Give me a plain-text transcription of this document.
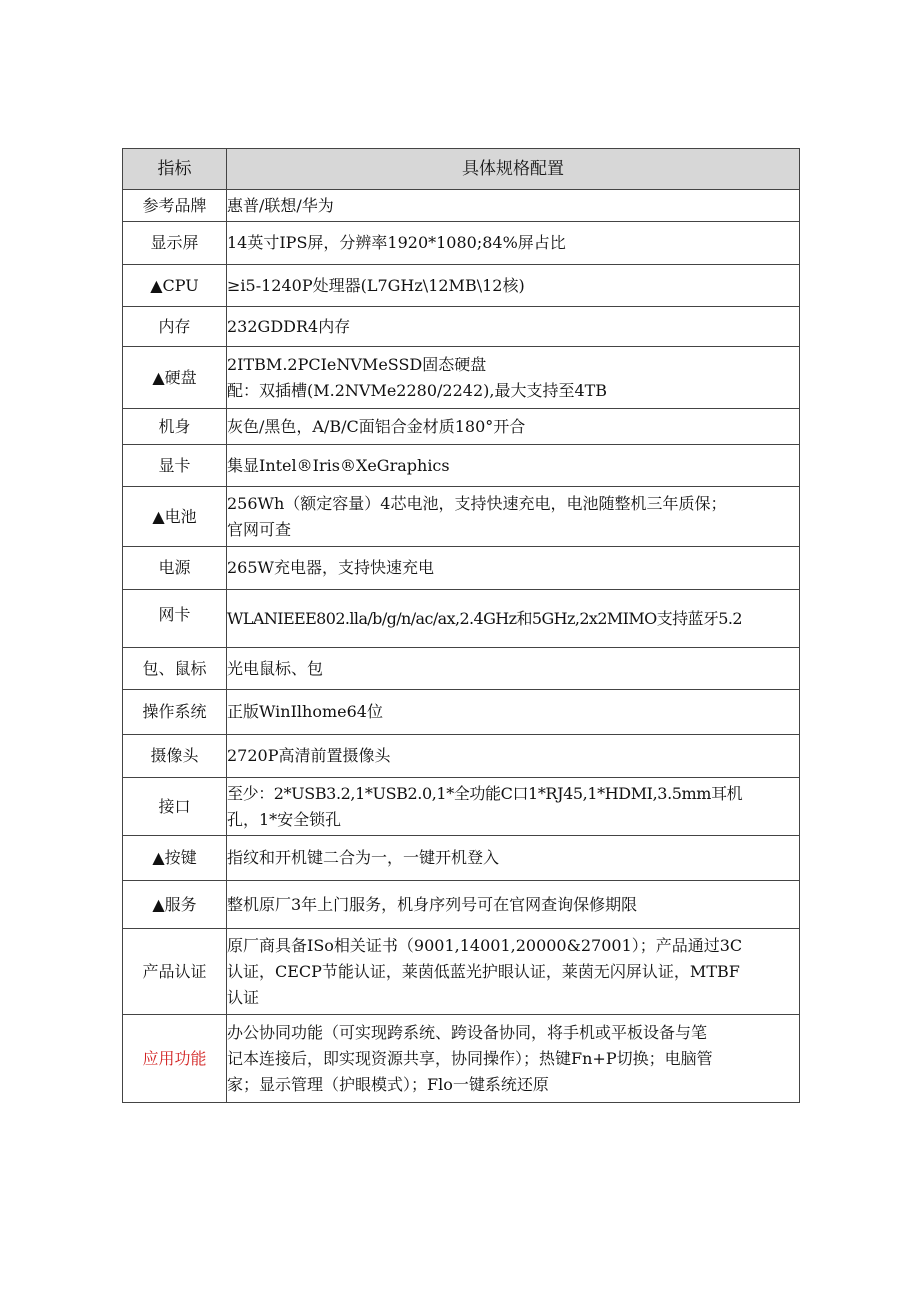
指标	具体规格配置
参考品牌	惠普/联想/华为

显示屏	14英寸IPS屏，分辨率1920*1080;84%屏占比

▲CPU	≥i5-1240P处理器(L7GHz\12MB\12核)

内存	232GDDR4内存

▲硬盘	2ITBM.2PCIeNVMeSSD固态硬盘
配：双插槽(M.2NVMe2280/2242),最大支持至4TB

机身	灰色/黑色，A/B/C面铝合金材质180°开合

显卡	集显Intel®Iris®XeGraphics

▲电池	256Wh（额定容量）4芯电池，支持快速充电，电池随整机三年质保；
官网可查

电源	265W充电器，支持快速充电

网卡	WLANIEEE802.lla/b/g/n/ac/ax,2.4GHz和5GHz,2x2MIMO支持蓝牙5.2

包、鼠标	光电鼠标、包

操作系统	正版WinIlhome64位

摄像头	2720P高清前置摄像头

接口	至少：2*USB3.2,1*USB2.0,1*全功能C口1*RJ45,1*HDMI,3.5mm耳机
孔，1*安全锁孔

▲按键	指纹和开机键二合为一，一键开机登入

▲服务	整机原厂3年上门服务，机身序列号可在官网查询保修期限

产品认证	原厂商具备ISo相关证书（9001,14001,20000&27001）；产品通过3C
认证，CECP节能认证，莱茵低蓝光护眼认证，莱茵无闪屏认证，MTBF
认证

应用功能	办公协同功能（可实现跨系统、跨设备协同，将手机或平板设备与笔
记本连接后，即实现资源共享，协同操作）；热键Fn+P切换；电脑管
家；显示管理（护眼模式）；Flo一键系统还原
